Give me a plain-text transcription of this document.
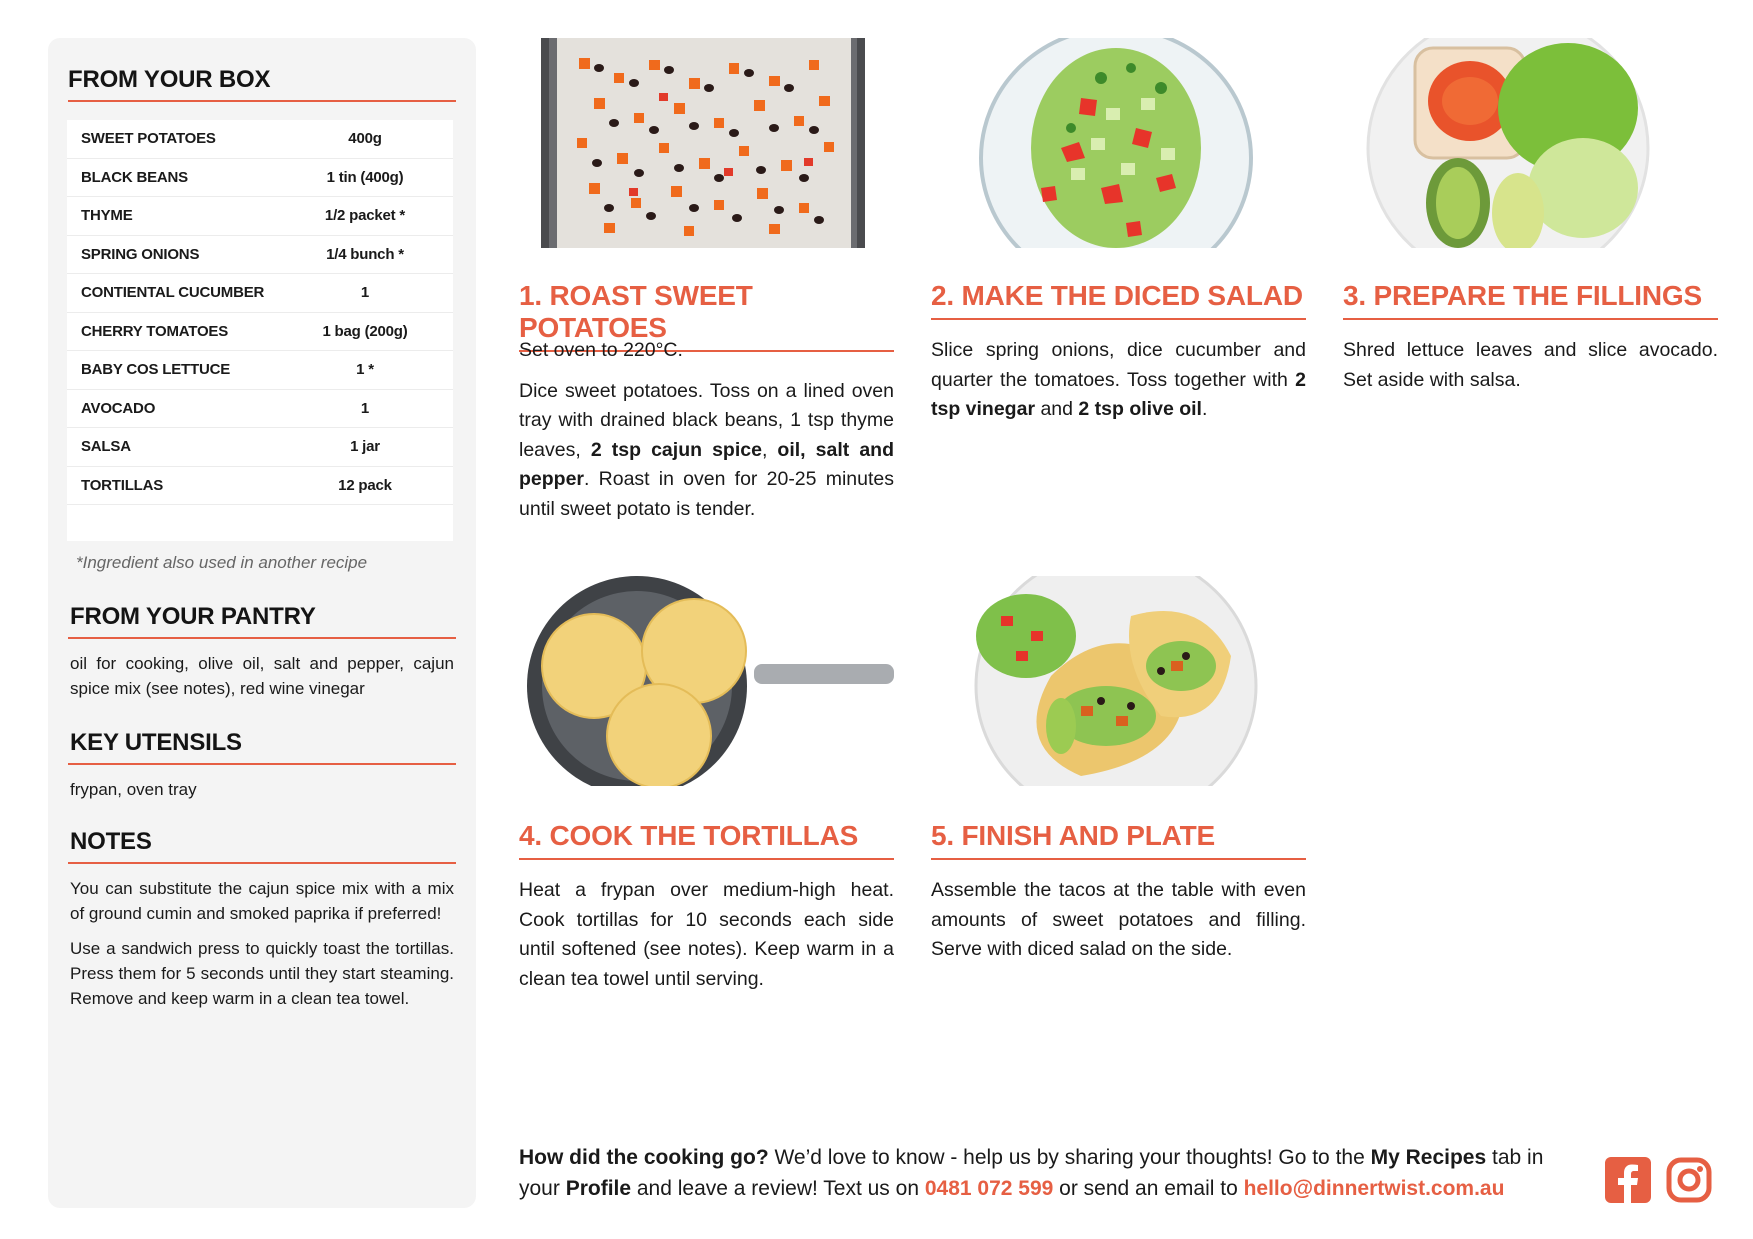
FROM YOUR BOX
SWEET POTATOES	400g
BLACK BEANS	1 tin (400g)
THYME	1/2 packet *
SPRING ONIONS	1/4 bunch *
CONTIENTAL CUCUMBER	1
CHERRY TOMATOES	1 bag (200g)
BABY COS LETTUCE	1 *
AVOCADO	1
SALSA	1 jar
TORTILLAS	12 pack
*Ingredient also used in another recipe
FROM YOUR PANTRY
oil for cooking, olive oil, salt and pepper, cajun spice mix (see notes), red wine vinegar
KEY UTENSILS
frypan, oven tray
NOTES
You can substitute the cajun spice mix with a mix of ground cumin and smoked paprika if preferred!
Use a sandwich press to quickly toast the tortillas. Press them for 5 seconds until they start steaming. Remove and keep warm in a clean tea towel.
1. ROAST SWEET POTATOES
2. MAKE THE DICED SALAD 3. PREPARE THE FILLINGS
4. COOK THE TORTILLAS	5. FINISH AND PLATE

Set oven to 220°C.

Dice sweet potatoes. Toss on a lined oven tray with drained black beans, 1 tsp thyme leaves, 2 tsp cajun spice, oil, salt and pepper. Roast in oven for 20-25 minutes until sweet potato is tender.

Slice spring onions, dice cucumber and quarter the tomatoes. Toss together with 2 tsp vinegar and 2 tsp olive oil.

Shred lettuce leaves and slice avocado. Set aside with salsa.

Heat a frypan over medium-high heat. Cook tortillas for 10 seconds each side until softened (see notes). Keep warm in a clean tea towel until serving.

Assemble the tacos at the table with even amounts of sweet potatoes and filling. Serve with diced salad on the side.

How did the cooking go? We’d love to know - help us by sharing your thoughts! Go to the My Recipes tab in your Profile and leave a review! Text us on 0481 072 599 or send an email to hello@dinnertwist.com.au
